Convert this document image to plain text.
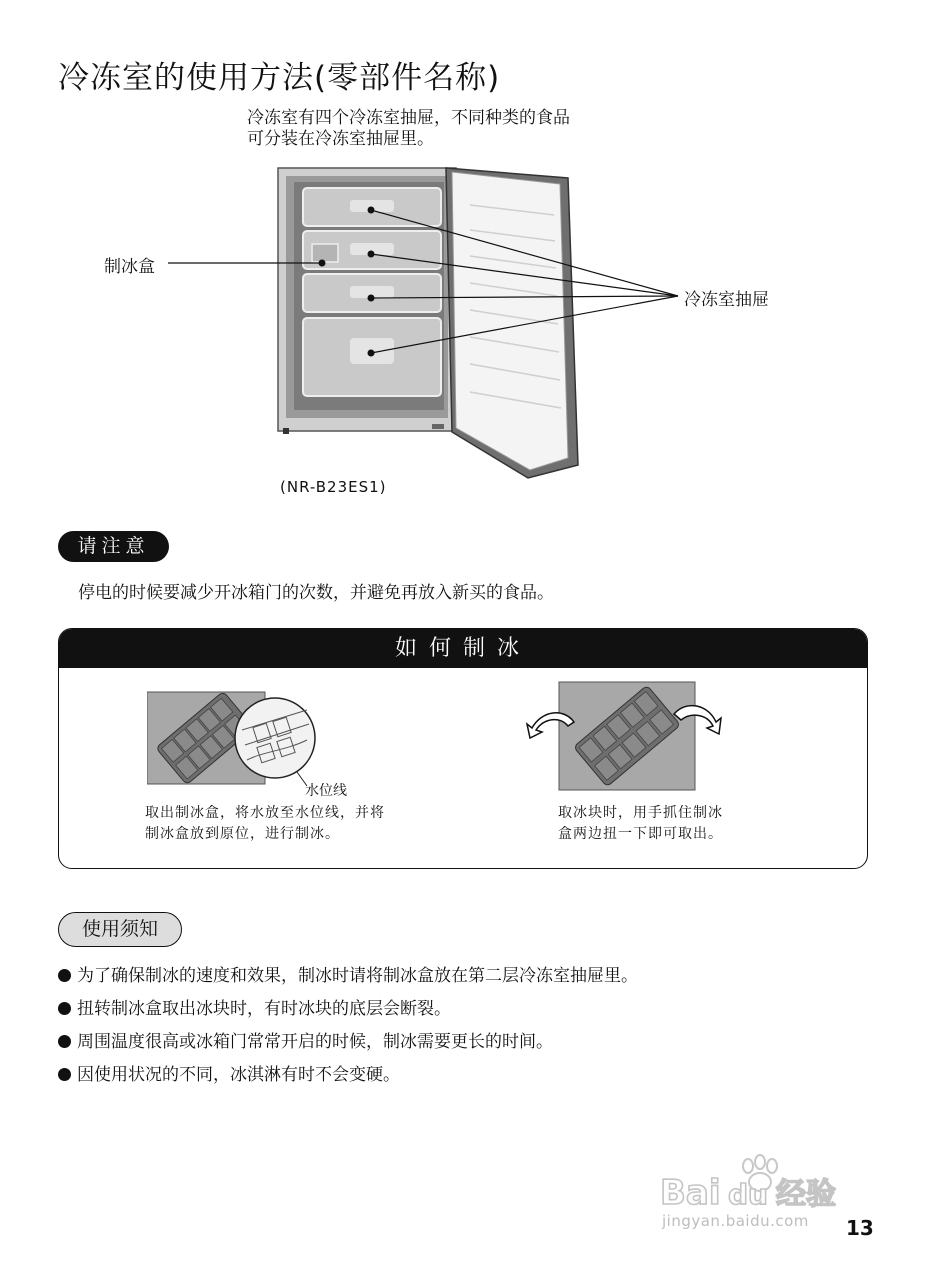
冷冻室的使用方法(零部件名称)
冷冻室有四个冷冻室抽屉，不同种类的食品
可分装在冷冻室抽屉里。
制冰盒
冷冻室抽屉
(NR-B23ES1)
请注意
停电的时候要减少开冰箱门的次数，并避免再放入新买的食品。
如何制冰
水位线
取出制冰盒，将水放至水位线，并将
制冰盒放到原位，进行制冰。
取冰块时，用手抓住制冰
盒两边扭一下即可取出。
使用须知
为了确保制冰的速度和效果，制冰时请将制冰盒放在第二层冷冻室抽屉里。
扭转制冰盒取出冰块时，有时冰块的底层会断裂。
周围温度很高或冰箱门常常开启的时候，制冰需要更长的时间。
因使用状况的不同，冰淇淋有时不会变硬。
Bai du 经验
jingyan.baidu.com 13
